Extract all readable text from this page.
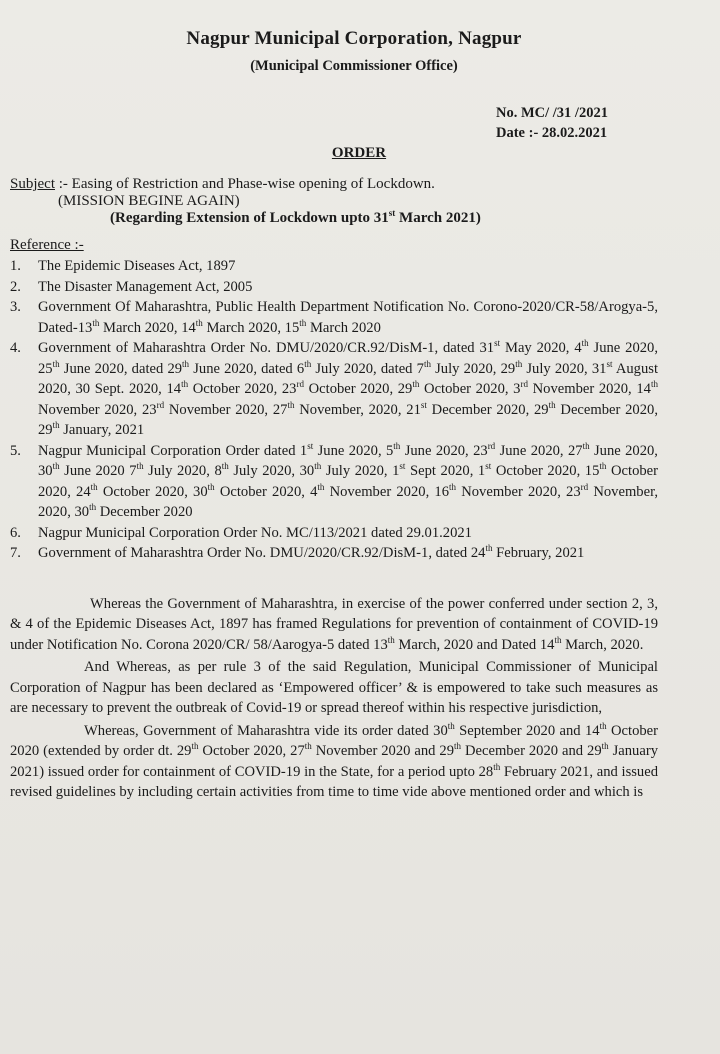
Nagpur Municipal Corporation, Nagpur
(Municipal Commissioner Office)
No. MC/ /31 /2021
Date :- 28.02.2021
ORDER
Subject :- Easing of Restriction and Phase-wise opening of Lockdown.
(MISSION BEGINE AGAIN)
(Regarding Extension of Lockdown upto 31st March 2021)
Reference :-
1.	The Epidemic Diseases Act, 1897
2.	The Disaster Management Act, 2005
3.	Government Of Maharashtra, Public Health Department Notification No. Corono-2020/CR-58/Arogya-5, Dated-13th March 2020, 14th March 2020, 15th March 2020
4.	Government of Maharashtra Order No. DMU/2020/CR.92/DisM-1, dated 31st May 2020, 4th June 2020, 25th June 2020, dated 29th June 2020, dated 6th July 2020, dated 7th July 2020, 29th July 2020, 31st August 2020, 30 Sept. 2020, 14th October 2020, 23rd October 2020, 29th October 2020, 3rd November 2020, 14th November 2020, 23rd November 2020, 27th November, 2020, 21st December 2020, 29th December 2020, 29th January, 2021
5.	Nagpur Municipal Corporation Order dated 1st June 2020, 5th June 2020, 23rd June 2020, 27th June 2020, 30th June 2020 7th July 2020, 8th July 2020, 30th July 2020, 1st Sept 2020, 1st October 2020, 15th October 2020, 24th October 2020, 30th October 2020, 4th November 2020, 16th November 2020, 23rd November, 2020, 30th December 2020
6.	Nagpur Municipal Corporation Order No. MC/113/2021 dated 29.01.2021
7.	Government of Maharashtra Order No. DMU/2020/CR.92/DisM-1, dated 24th February, 2021

Whereas the Government of Maharashtra, in exercise of the power conferred under section 2, 3, & 4 of the Epidemic Diseases Act, 1897 has framed Regulations for prevention of containment of COVID-19 under Notification No. Corona 2020/CR/ 58/Aarogya-5 dated 13th March, 2020 and Dated 14th March, 2020.

And Whereas, as per rule 3 of the said Regulation, Municipal Commissioner of Municipal Corporation of Nagpur has been declared as ‘Empowered officer’ & is empowered to take such measures as are necessary to prevent the outbreak of Covid-19 or spread thereof within his respective jurisdiction,

Whereas, Government of Maharashtra vide its order dated 30th September 2020 and 14th October 2020 (extended by order dt. 29th October 2020, 27th November 2020 and 29th December 2020 and 29th January 2021) issued order for containment of COVID-19 in the State, for a period upto 28th February 2021, and issued revised guidelines by including certain activities from time to time vide above mentioned order and which is
